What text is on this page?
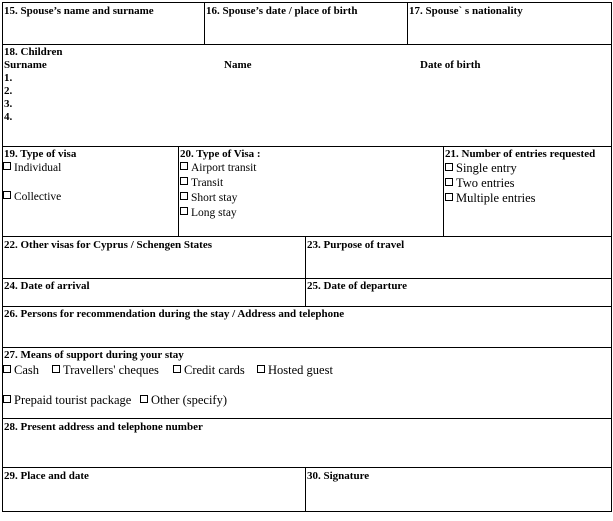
15. Spouse’s name and surname	16. Spouse’s date / place of birth	17. Spouse` s nationality
18. Children
Surname	Name	Date of birth
1.
2.
3.
4.
19. Type of visa
Individual
Collective
20. Type of Visa :
Airport transit
Transit
Short stay
Long stay
21. Number of entries requested
Single entry
Two entries
Multiple entries
22. Other visas for Cyprus / Schengen States	23. Purpose of travel
24. Date of arrival	25. Date of departure
26. Persons for recommendation during the stay / Address and telephone
27. Means of support during your stay
Cash	Travellers' cheques	Credit cards	Hosted guest
Prepaid tourist package	Other (specify)
28. Present address and telephone number
29. Place and date	30. Signature
